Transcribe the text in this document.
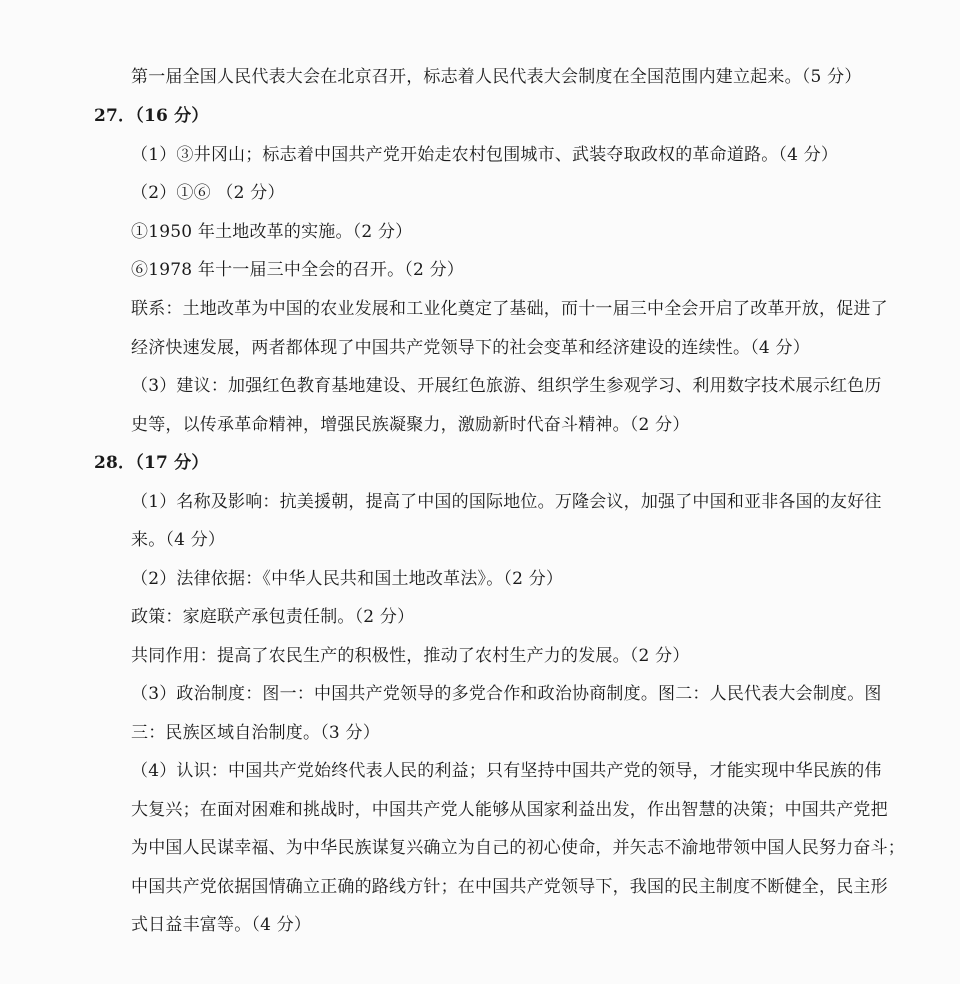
第一届全国人民代表大会在北京召开，标志着人民代表大会制度在全国范围内建立起来。（5 分）
27．（16 分）
（1）③井冈山；标志着中国共产党开始走农村包围城市、武装夺取政权的革命道路。（4 分）
（2）①⑥ （2 分）
①1950 年土地改革的实施。（2 分）
⑥1978 年十一届三中全会的召开。（2 分）
联系：土地改革为中国的农业发展和工业化奠定了基础，而十一届三中全会开启了改革开放，促进了
经济快速发展，两者都体现了中国共产党领导下的社会变革和经济建设的连续性。（4 分）
（3）建议：加强红色教育基地建设、开展红色旅游、组织学生参观学习、利用数字技术展示红色历
史等，以传承革命精神，增强民族凝聚力，激励新时代奋斗精神。（2 分）
28．（17 分）
（1）名称及影响：抗美援朝，提高了中国的国际地位。万隆会议，加强了中国和亚非各国的友好往
来。（4 分）
（2）法律依据：《中华人民共和国土地改革法》。（2 分）
政策：家庭联产承包责任制。（2 分）
共同作用：提高了农民生产的积极性，推动了农村生产力的发展。（2 分）
（3）政治制度：图一：中国共产党领导的多党合作和政治协商制度。图二：人民代表大会制度。图
三：民族区域自治制度。（3 分）
（4）认识：中国共产党始终代表人民的利益；只有坚持中国共产党的领导，才能实现中华民族的伟
大复兴；在面对困难和挑战时，中国共产党人能够从国家利益出发，作出智慧的决策；中国共产党把
为中国人民谋幸福、为中华民族谋复兴确立为自己的初心使命，并矢志不渝地带领中国人民努力奋斗；
中国共产党依据国情确立正确的路线方针；在中国共产党领导下，我国的民主制度不断健全，民主形
式日益丰富等。（4 分）
